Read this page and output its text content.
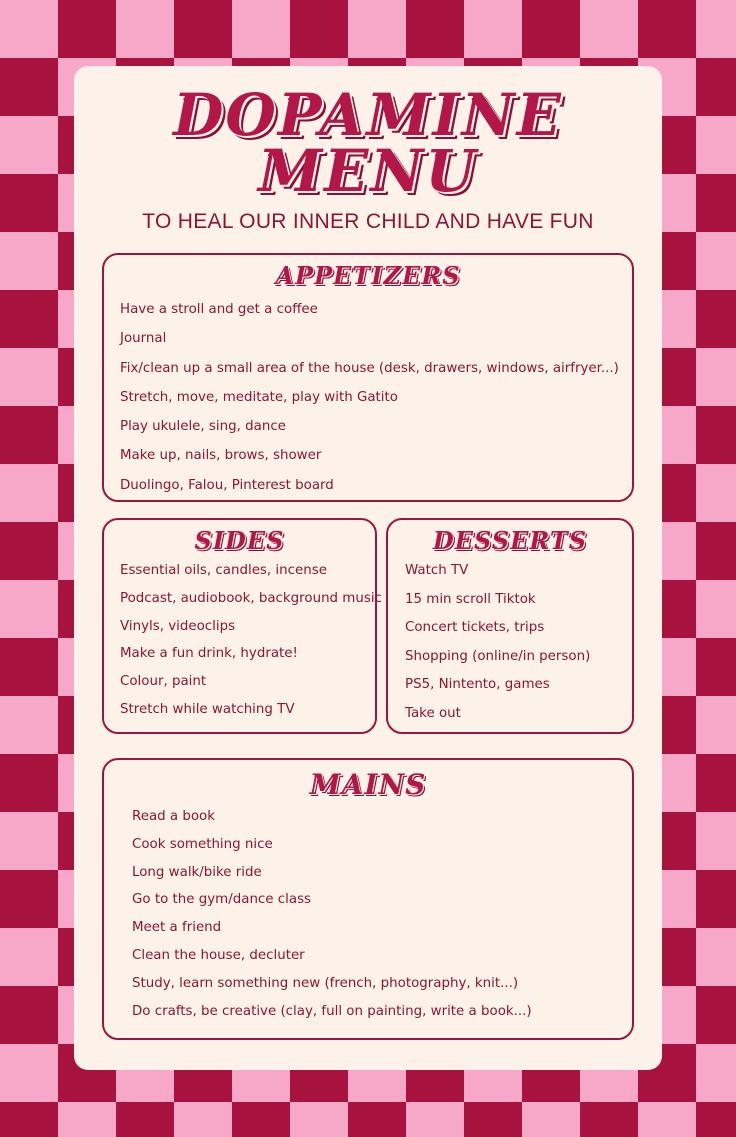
DOPAMINE
MENU
TO HEAL OUR INNER CHILD AND HAVE FUN
APPETIZERS
Have a stroll and get a coffee
Journal
Fix/clean up a small area of the house (desk, drawers, windows, airfryer...)
Stretch, move, meditate, play with Gatito
Play ukulele, sing, dance
Make up, nails, brows, shower
Duolingo, Falou, Pinterest board
SIDES
Essential oils, candles, incense
Podcast, audiobook, background music
Vinyls, videoclips
Make a fun drink, hydrate!
Colour, paint
Stretch while watching TV
DESSERTS
Watch TV
15 min scroll Tiktok
Concert tickets, trips
Shopping (online/in person)
PS5, Nintento, games
Take out
MAINS
Read a book
Cook something nice
Long walk/bike ride
Go to the gym/dance class
Meet a friend
Clean the house, decluter
Study, learn something new (french, photography, knit...)
Do crafts, be creative (clay, full on painting, write a book...)
